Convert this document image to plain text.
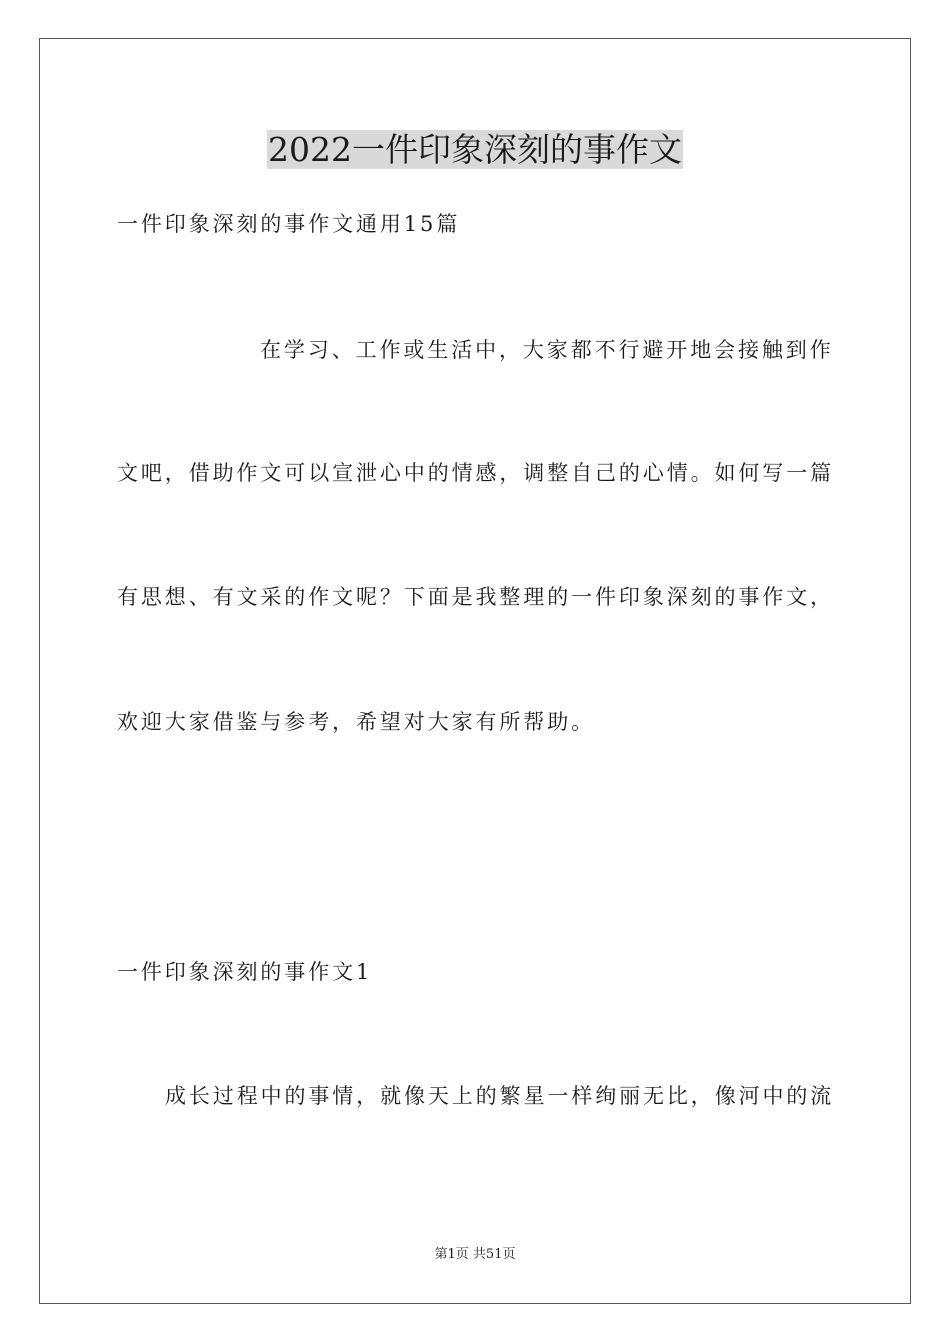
2022一件印象深刻的事作文

一件印象深刻的事作文通用15篇

在学习、工作或生活中，大家都不行避开地会接触到作

文吧，借助作文可以宣泄心中的情感，调整自己的心情。如何写一篇

有思想、有文采的作文呢？下面是我整理的一件印象深刻的事作文，

欢迎大家借鉴与参考，希望对大家有所帮助。

一件印象深刻的事作文1

成长过程中的事情，就像天上的繁星一样绚丽无比，像河中的流

第1页 共51页
